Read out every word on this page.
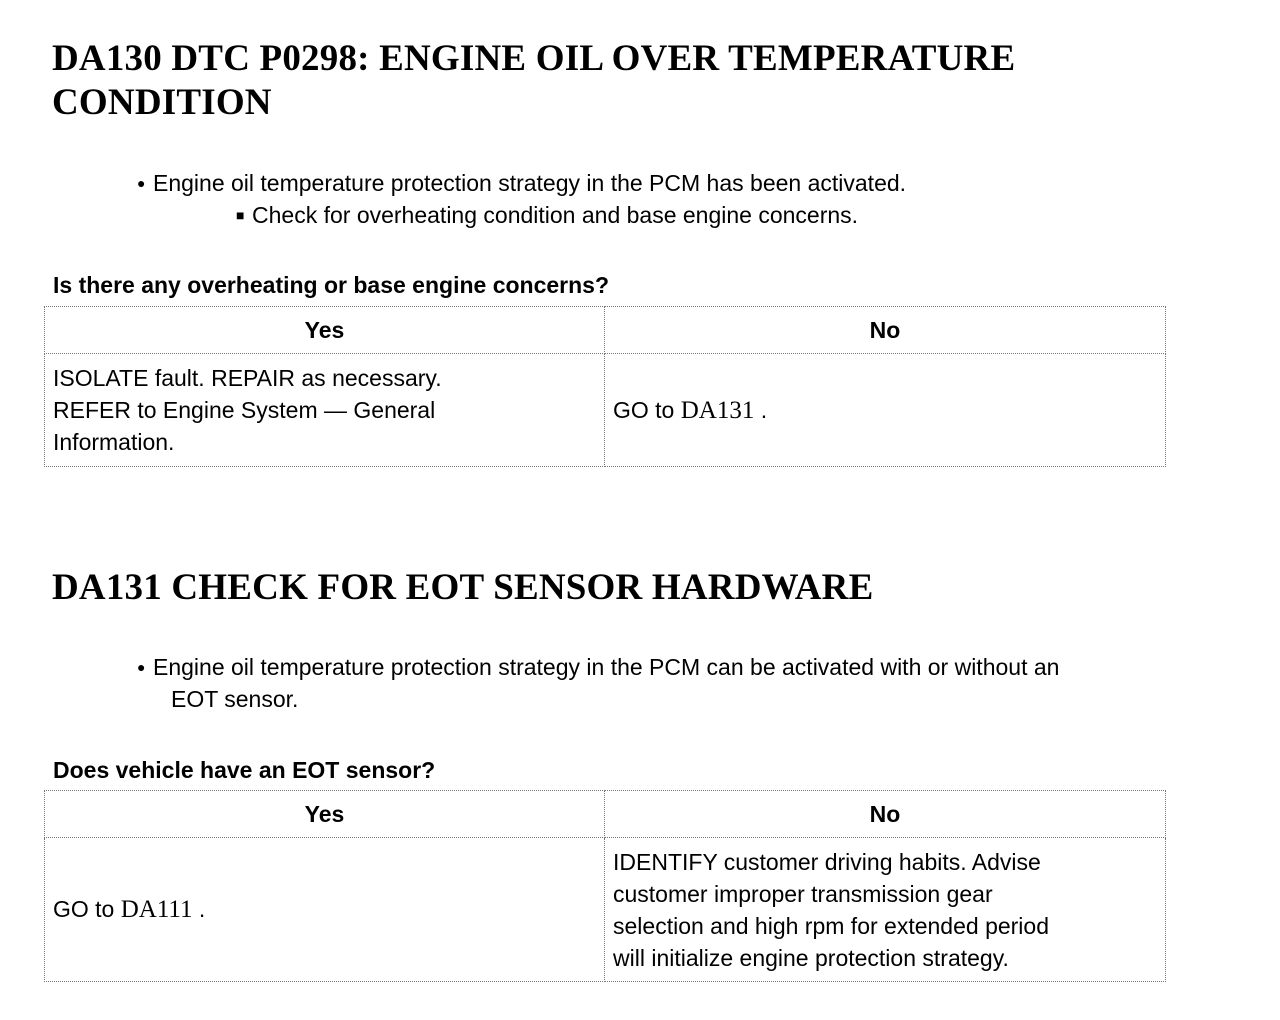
DA130 DTC P0298: ENGINE OIL OVER TEMPERATURE
CONDITION
● Engine oil temperature protection strategy in the PCM has been activated.
■ Check for overheating condition and base engine concerns.

Is there any overheating or base engine concerns?

Yes	No
ISOLATE fault. REPAIR as necessary.
REFER to Engine System — General
Information.	GO to DA131 .
DA131 CHECK FOR EOT SENSOR HARDWARE
● Engine oil temperature protection strategy in the PCM can be activated with or without an
EOT sensor.

Does vehicle have an EOT sensor?

Yes	No
GO to DA111 .	IDENTIFY customer driving habits. Advise
customer improper transmission gear
selection and high rpm for extended period
will initialize engine protection strategy.
